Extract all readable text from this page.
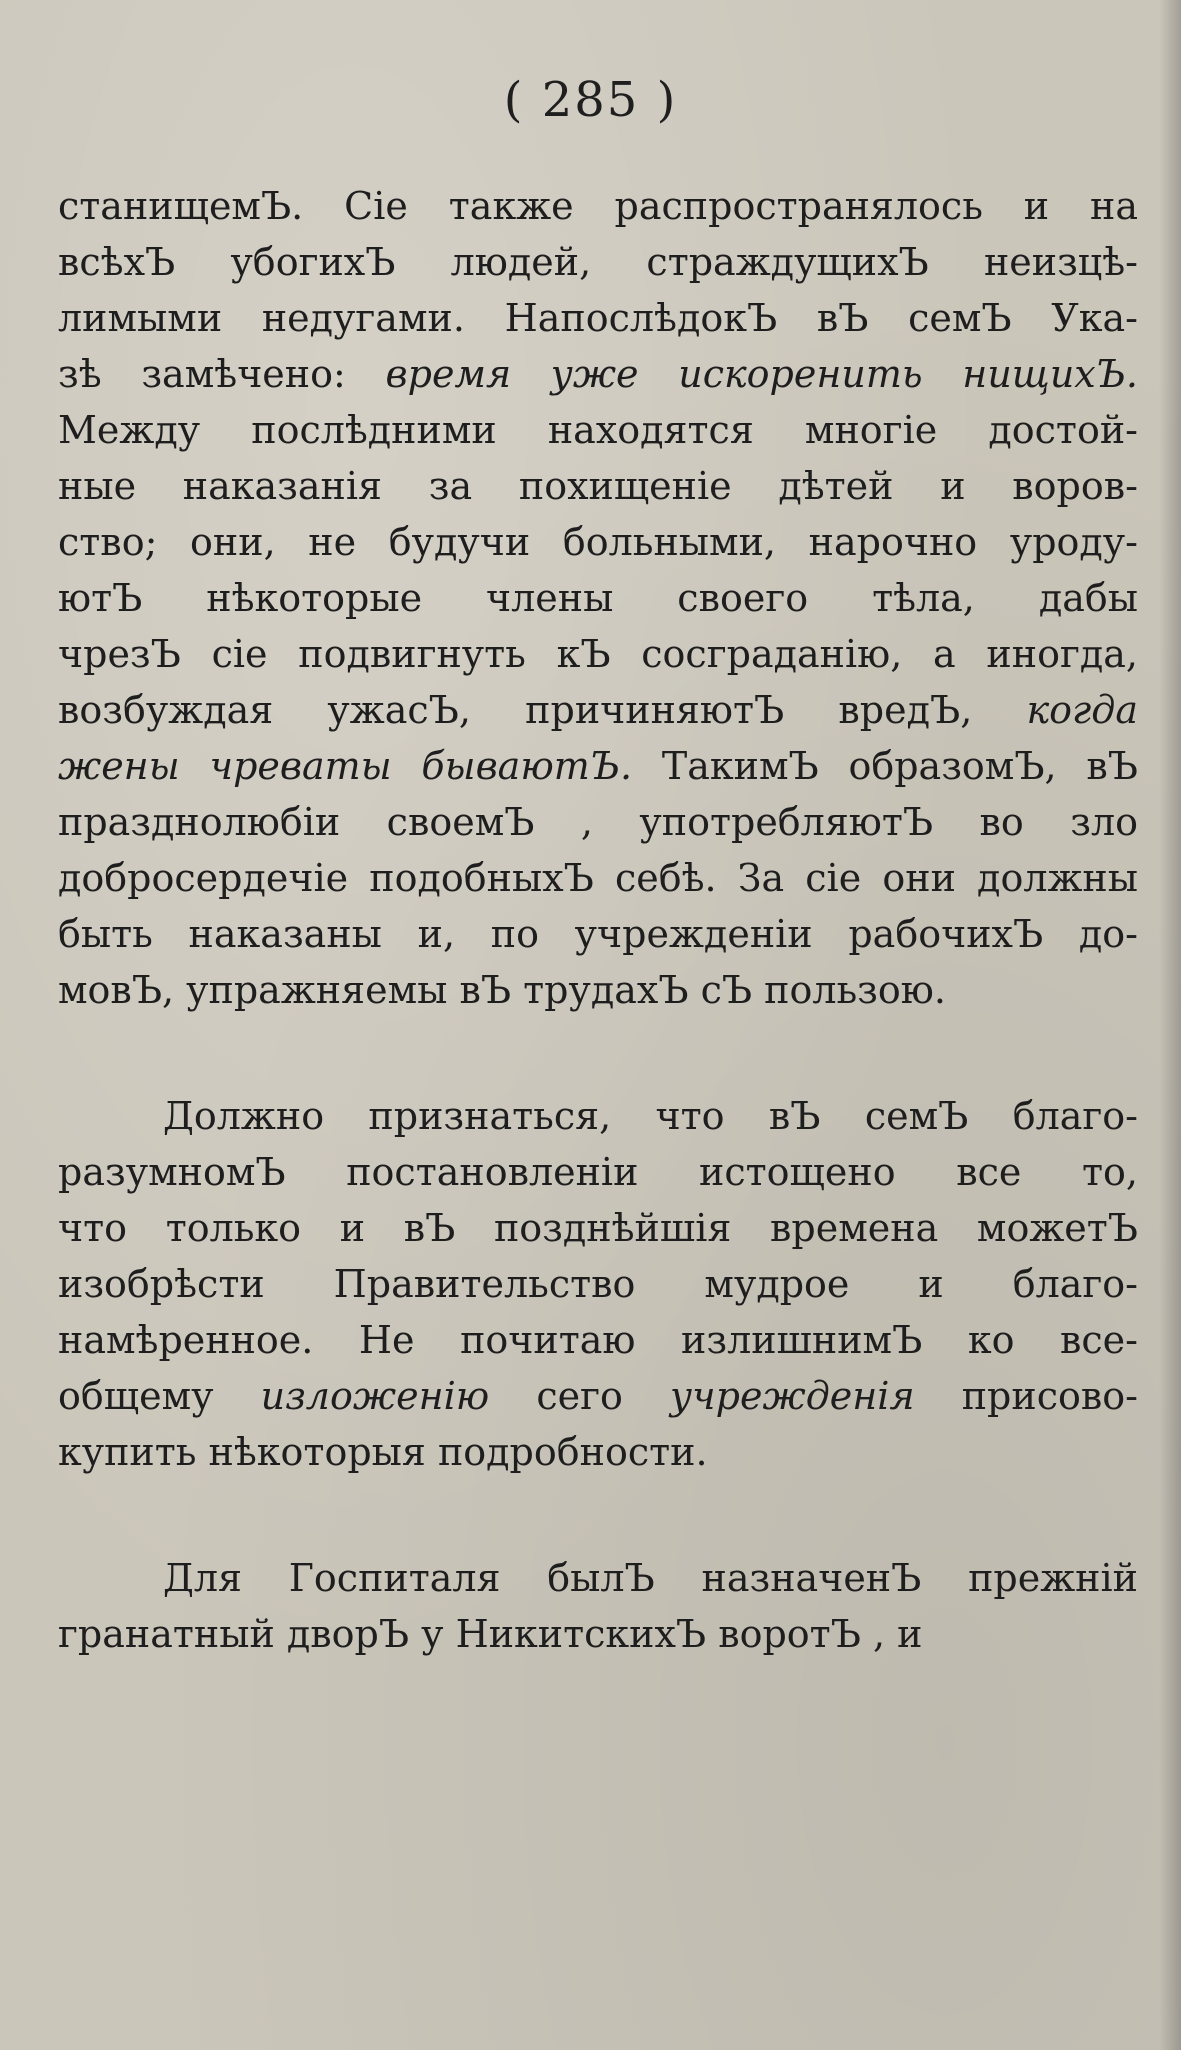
( 285 )
станищемЪ. Сіе также распространялось и на
всѣхЪ убогихЪ людей, страждущихЪ неизцѣ-
лимыми недугами. НапослѣдокЪ вЪ семЪ Ука-
зѣ замѣчено: время уже искоренить нищихЪ.
Между послѣдними находятся многіе достой-
ные наказанія за похищеніе дѣтей и воров-
ство; они, не будучи больными, нарочно уроду-
ютЪ нѣкоторые члены своего тѣла, дабы
чрезЪ сіе подвигнуть кЪ сосграданію, а иногда,
возбуждая ужасЪ, причиняютЪ вредЪ, когда
жены чреваты бываютЪ. ТакимЪ образомЪ, вЪ
празднолюбіи своемЪ , употребляютЪ во зло
добросердечіе подобныхЪ себѣ. За сіе они должны
быть наказаны и, по учрежденіи рабочихЪ до-
мовЪ, упражняемы вЪ трудахЪ сЪ пользою.
Должно признаться, что вЪ семЪ благо-
разумномЪ постановленіи истощено все то,
что только и вЪ позднѣйшія времена можетЪ
изобрѣсти Правительство мудрое и благо-
намѣренное. Не почитаю излишнимЪ ко все-
общему изложенію сего учрежденія присово-
купить нѣкоторыя подробности.
Для Госпиталя былЪ назначенЪ прежній
гранатный дворЪ у НикитскихЪ воротЪ , и
